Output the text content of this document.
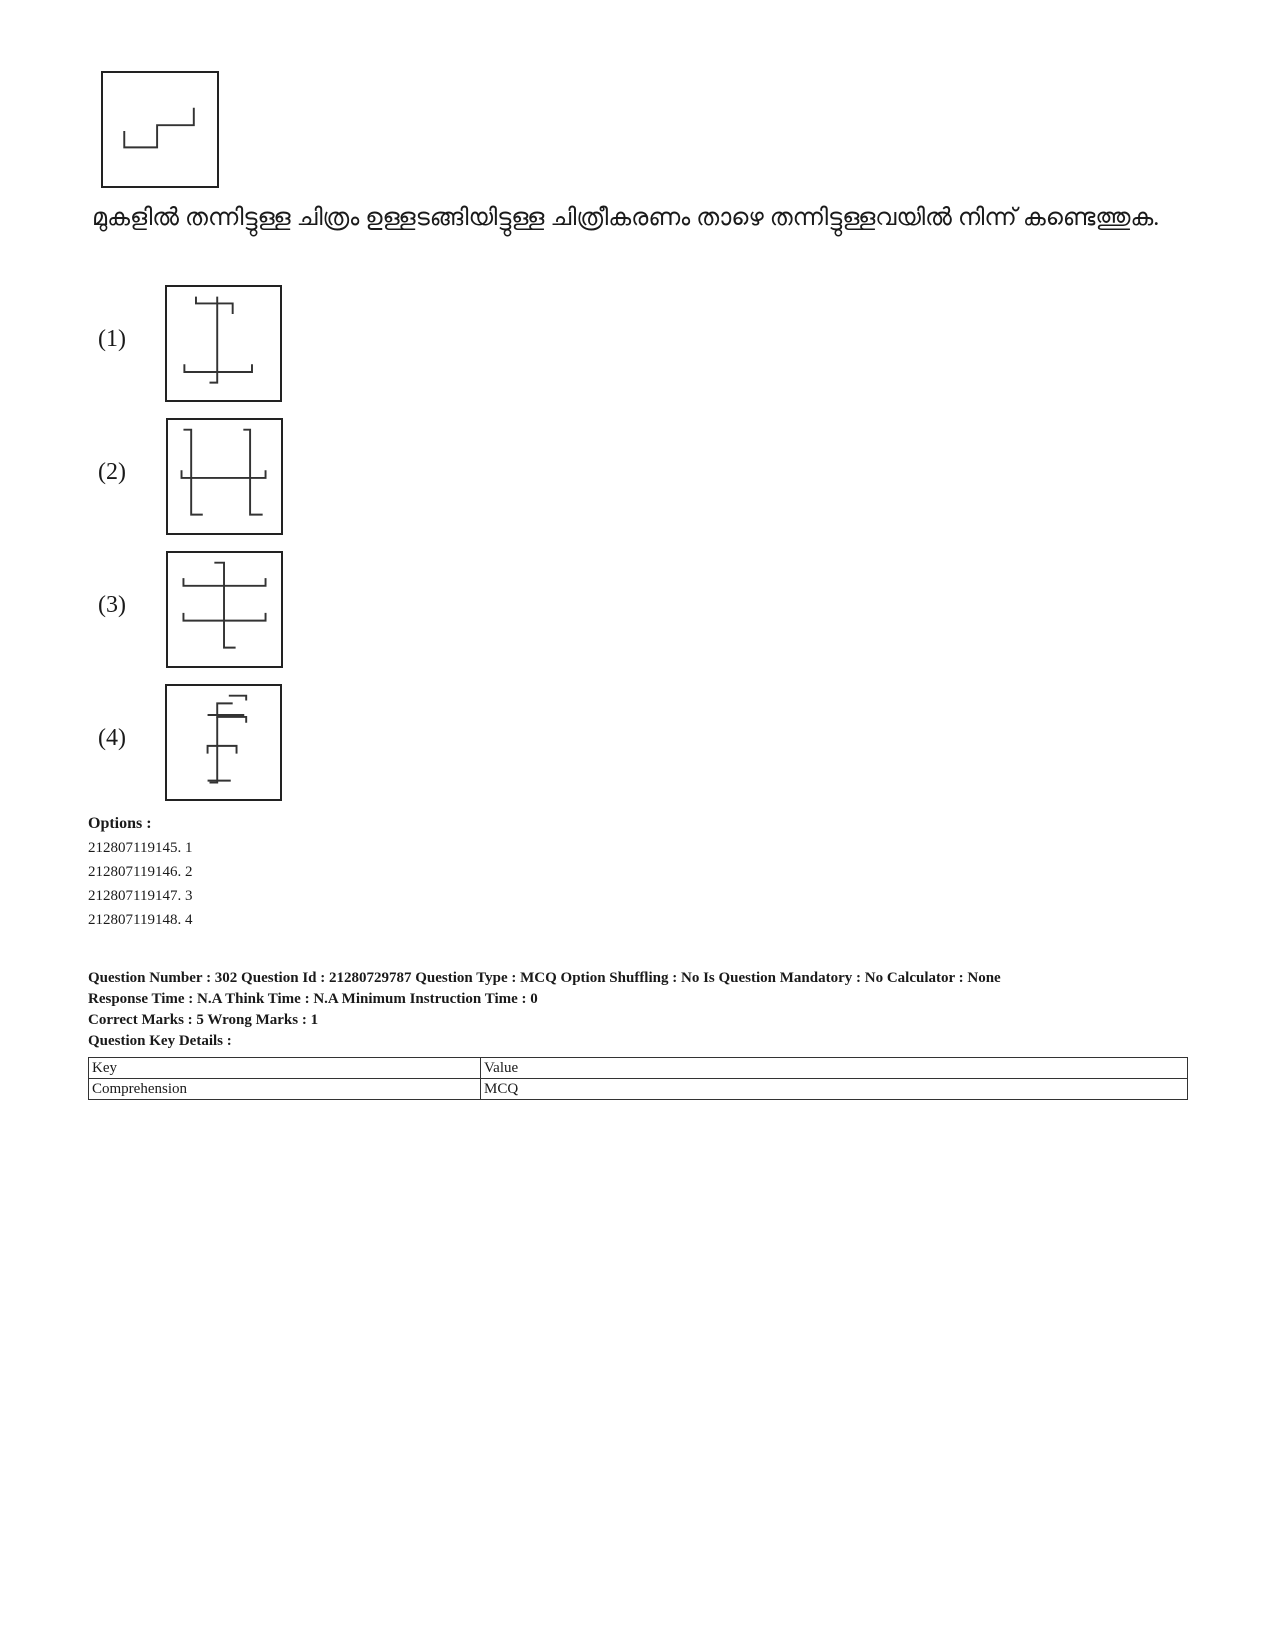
മുകളിൽ തന്നിട്ടുള്ള ചിത്രം ഉള്ളടങ്ങിയിട്ടുള്ള ചിത്രീകരണം താഴെ തന്നിട്ടുള്ളവയിൽ നിന്ന് കണ്ടെത്തുക.
(1)
(2)
(3)
(4)
Options :
212807119145. 1
212807119146. 2
212807119147. 3
212807119148. 4
Question Number : 302 Question Id : 21280729787 Question Type : MCQ Option Shuffling : No Is Question Mandatory : No Calculator : None
Response Time : N.A Think Time : N.A Minimum Instruction Time : 0
Correct Marks : 5 Wrong Marks : 1
Question Key Details :
Key	Value
Comprehension	MCQ
